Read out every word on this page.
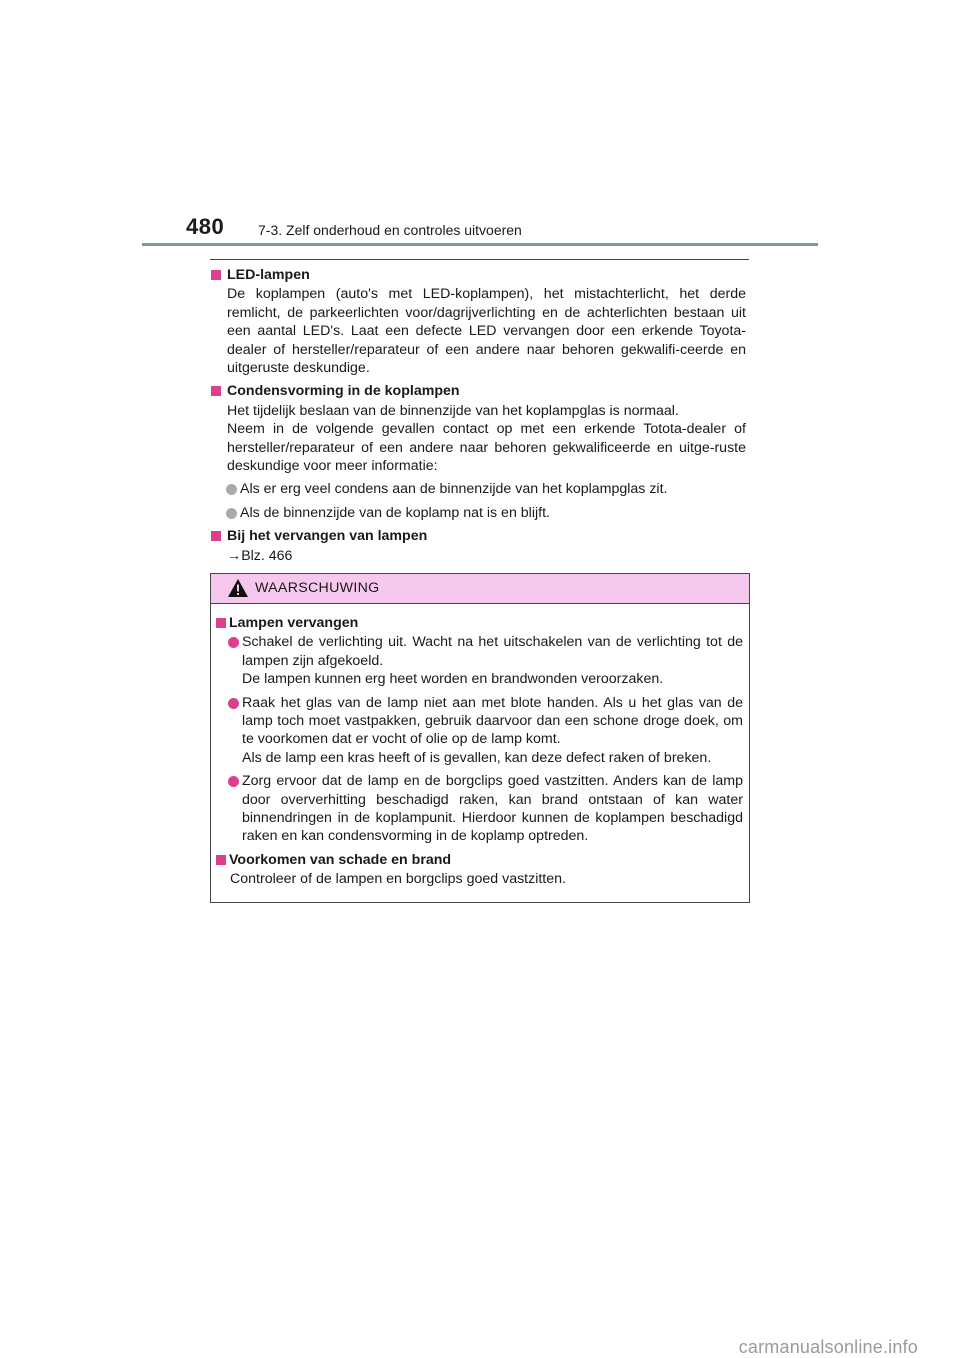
480 7-3. Zelf onderhoud en controles uitvoeren
LED-lampen
De koplampen (auto's met LED-koplampen), het mistachterlicht, het derde remlicht, de parkeerlichten voor/dagrijverlichting en de achterlichten bestaan uit een aantal LED's. Laat een defecte LED vervangen door een erkende Toyota-dealer of hersteller/reparateur of een andere naar behoren gekwalifi-ceerde en uitgeruste deskundige.
Condensvorming in de koplampen
Het tijdelijk beslaan van de binnenzijde van het koplampglas is normaal.
Neem in de volgende gevallen contact op met een erkende Totota-dealer of hersteller/reparateur of een andere naar behoren gekwalificeerde en uitge-ruste deskundige voor meer informatie:
Als er erg veel condens aan de binnenzijde van het koplampglas zit.
Als de binnenzijde van de koplamp nat is en blijft.
Bij het vervangen van lampen
→Blz. 466
WAARSCHUWING
Lampen vervangen
Schakel de verlichting uit. Wacht na het uitschakelen van de verlichting tot de lampen zijn afgekoeld.
De lampen kunnen erg heet worden en brandwonden veroorzaken.
Raak het glas van de lamp niet aan met blote handen. Als u het glas van de lamp toch moet vastpakken, gebruik daarvoor dan een schone droge doek, om te voorkomen dat er vocht of olie op de lamp komt.
Als de lamp een kras heeft of is gevallen, kan deze defect raken of breken.
Zorg ervoor dat de lamp en de borgclips goed vastzitten. Anders kan de lamp door oververhitting beschadigd raken, kan brand ontstaan of kan water binnendringen in de koplampunit. Hierdoor kunnen de koplampen beschadigd raken en kan condensvorming in de koplamp optreden.
Voorkomen van schade en brand
Controleer of de lampen en borgclips goed vastzitten.
carmanualsonline.info
